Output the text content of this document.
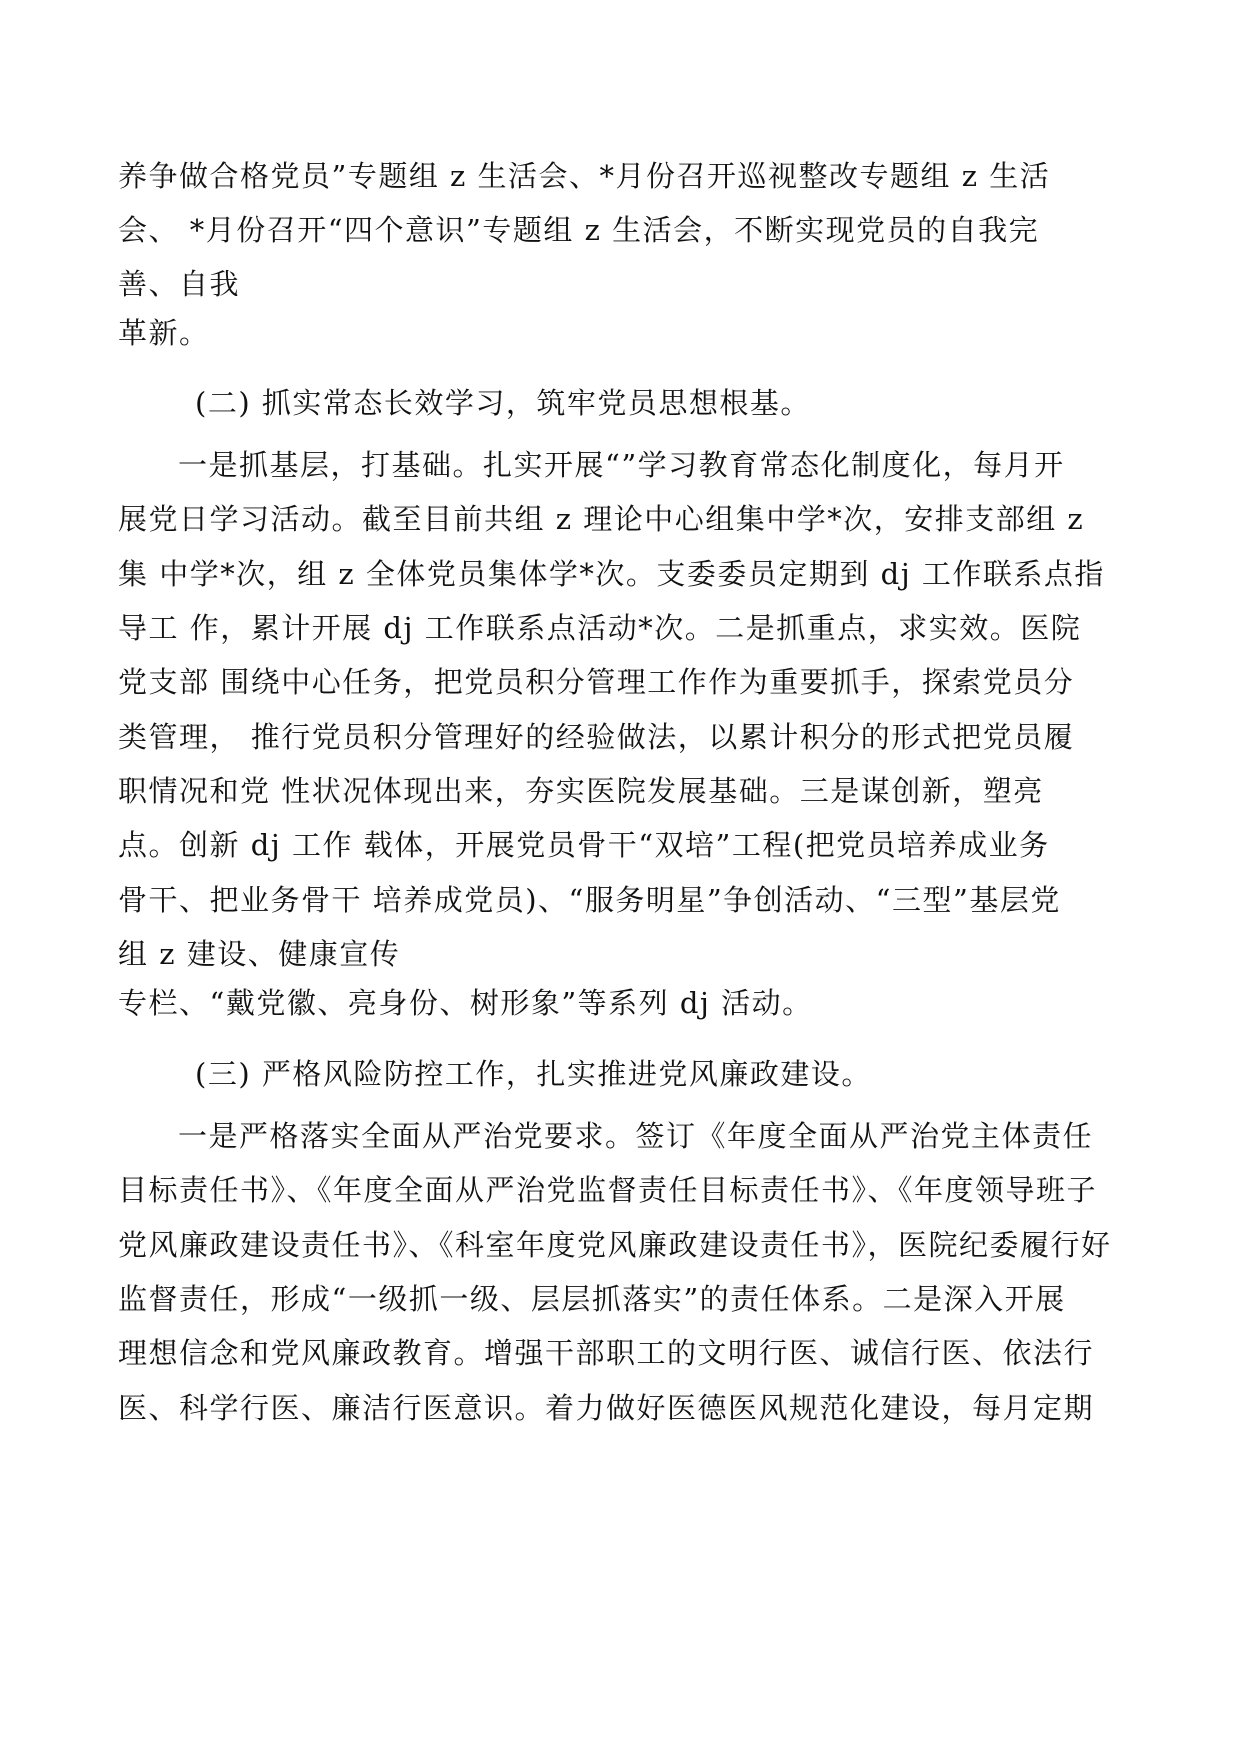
养争做合格党员”专题组 z 生活会、*月份召开巡视整改专题组 z 生活
会、 *月份召开“四个意识”专题组 z 生活会，不断实现党员的自我完
善、自我
革新。
(二) 抓实常态长效学习，筑牢党员思想根基。
一是抓基层，打基础。扎实开展“”学习教育常态化制度化，每月开
展党日学习活动。截至目前共组 z 理论中心组集中学*次，安排支部组 z
集 中学*次，组 z 全体党员集体学*次。支委委员定期到 dj 工作联系点指
导工 作，累计开展 dj 工作联系点活动*次。二是抓重点，求实效。医院
党支部 围绕中心任务，把党员积分管理工作作为重要抓手，探索党员分
类管理， 推行党员积分管理好的经验做法，以累计积分的形式把党员履
职情况和党 性状况体现出来，夯实医院发展基础。三是谋创新，塑亮
点。创新 dj 工作 载体，开展党员骨干“双培”工程(把党员培养成业务
骨干、把业务骨干 培养成党员)、“服务明星”争创活动、“三型”基层党
组 z 建设、健康宣传
专栏、“戴党徽、亮身份、树形象”等系列 dj 活动。
(三) 严格风险防控工作，扎实推进党风廉政建设。
一是严格落实全面从严治党要求。签订《年度全面从严治党主体责任
目标责任书》、《年度全面从严治党监督责任目标责任书》、《年度领导班子
党风廉政建设责任书》、《科室年度党风廉政建设责任书》，医院纪委履行好
监督责任，形成“一级抓一级、层层抓落实”的责任体系。二是深入开展
理想信念和党风廉政教育。增强干部职工的文明行医、诚信行医、依法行
医、科学行医、廉洁行医意识。着力做好医德医风规范化建设，每月定期
